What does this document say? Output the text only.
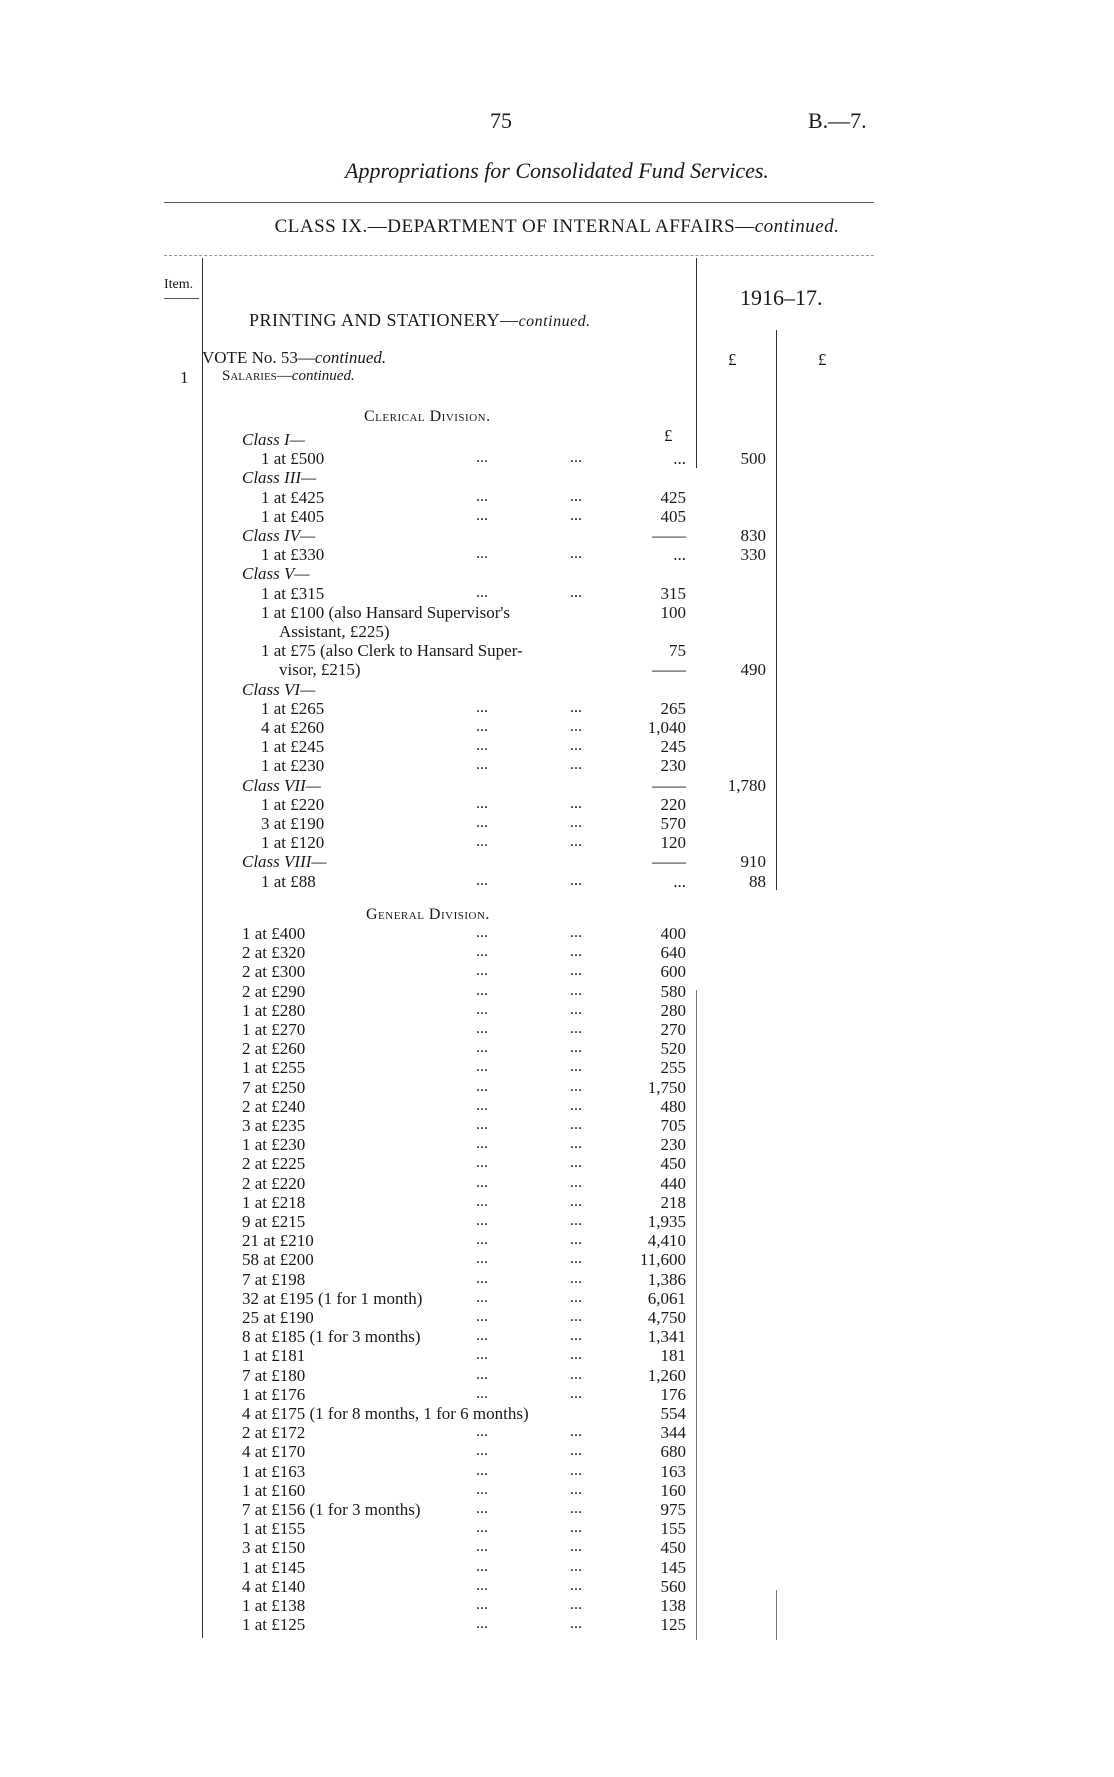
75	B.—7.
Appropriations for Consolidated Fund Services.
CLASS IX.—DEPARTMENT OF INTERNAL AFFAIRS—continued.
Item.
1916–17.
PRINTING AND STATIONERY—continued.
VOTE No. 53—continued.	£	£
1 Salaries—continued.
Clerical Division.
£
Class I—
1 at £500	...	...	...	500
Class III—
1 at £425	...	...	425
1 at £405	...	...	405
Class IV—	——	830
1 at £330	...	...	...	330
Class V—
1 at £315	...	...	315
1 at £100 (also Hansard Supervisor's	100
Assistant, £225)
1 at £75 (also Clerk to Hansard Super-	75
visor, £215)	——	490
Class VI—
1 at £265	...	...	265
4 at £260	...	...	1,040
1 at £245	...	...	245
1 at £230	...	...	230
Class VII—	——	1,780
1 at £220	...	...	220
3 at £190	...	...	570
1 at £120	...	...	120
Class VIII—	——	910
1 at £88	...	...	...	88
General Division.
1 at £400	...	...	400
2 at £320	...	...	640
2 at £300	...	...	600
2 at £290	...	...	580
1 at £280	...	...	280
1 at £270	...	...	270
2 at £260	...	...	520
1 at £255	...	...	255
7 at £250	...	...	1,750
2 at £240	...	...	480
3 at £235	...	...	705
1 at £230	...	...	230
2 at £225	...	...	450
2 at £220	...	...	440
1 at £218	...	...	218
9 at £215	...	...	1,935
21 at £210	...	...	4,410
58 at £200	...	...	11,600
7 at £198	...	...	1,386
32 at £195 (1 for 1 month)	...	...	6,061
25 at £190	...	...	4,750
8 at £185 (1 for 3 months)	...	...	1,341
1 at £181	...	...	181
7 at £180	...	...	1,260
1 at £176	...	...	176
4 at £175 (1 for 8 months, 1 for 6 months)	554
2 at £172	...	...	344
4 at £170	...	...	680
1 at £163	...	...	163
1 at £160	...	...	160
7 at £156 (1 for 3 months)	...	...	975
1 at £155	...	...	155
3 at £150	...	...	450
1 at £145	...	...	145
4 at £140	...	...	560
1 at £138	...	...	138
1 at £125	...	...	125
